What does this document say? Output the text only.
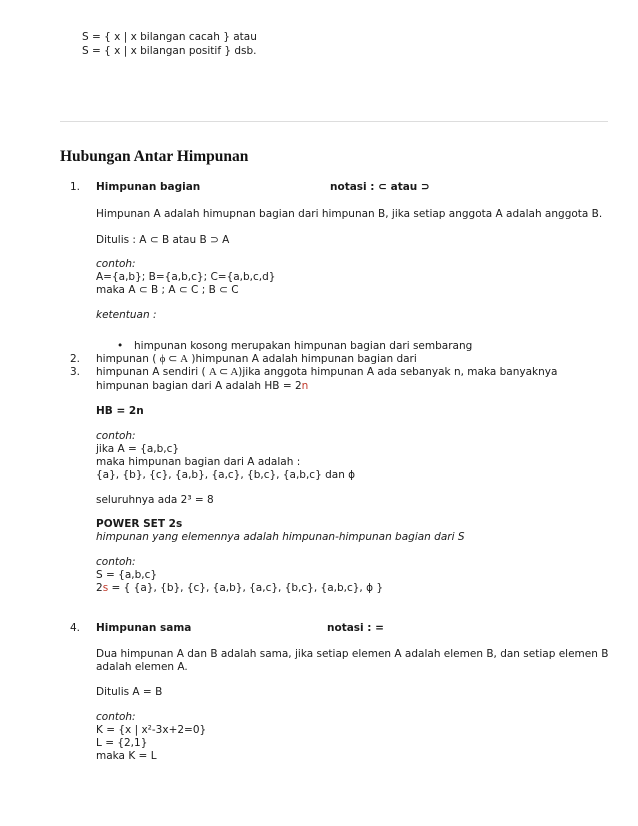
S = { x | x bilangan cacah } atau
S = { x | x bilangan positif } dsb.
Hubungan Antar Himpunan
1. Himpunan bagian	notasi : ⊂ atau ⊃
Himpunan A adalah himupnan bagian dari himpunan B, jika setiap anggota A adalah anggota B.
Ditulis : A ⊂ B atau B ⊃ A
contoh:
A={a,b}; B={a,b,c}; C={a,b,c,d}
maka A ⊂ B ; A ⊂ C ; B ⊂ C
ketentuan :
• himpunan kosong merupakan himpunan bagian dari sembarang
2. himpunan ( ϕ ⊂ A )himpunan A adalah himpunan bagian dari
3. himpunan A sendiri ( A ⊂ A)jika anggota himpunan A ada sebanyak n, maka banyaknya
himpunan bagian dari A adalah HB = 2n
HB = 2n
contoh:
jika A = {a,b,c}
maka himpunan bagian dari A adalah :
{a}, {b}, {c}, {a,b}, {a,c}, {b,c}, {a,b,c} dan ϕ
seluruhnya ada 2³ = 8
POWER SET 2s
himpunan yang elemennya adalah himpunan-himpunan bagian dari S
contoh:
S = {a,b,c}
2s = { {a}, {b}, {c}, {a,b}, {a,c}, {b,c}, {a,b,c}, ϕ }
4. Himpunan sama	notasi : =
Dua himpunan A dan B adalah sama, jika setiap elemen A adalah elemen B, dan setiap elemen B
adalah elemen A.
Ditulis A = B
contoh:
K = {x | x²-3x+2=0}
L = {2,1}
maka K = L
